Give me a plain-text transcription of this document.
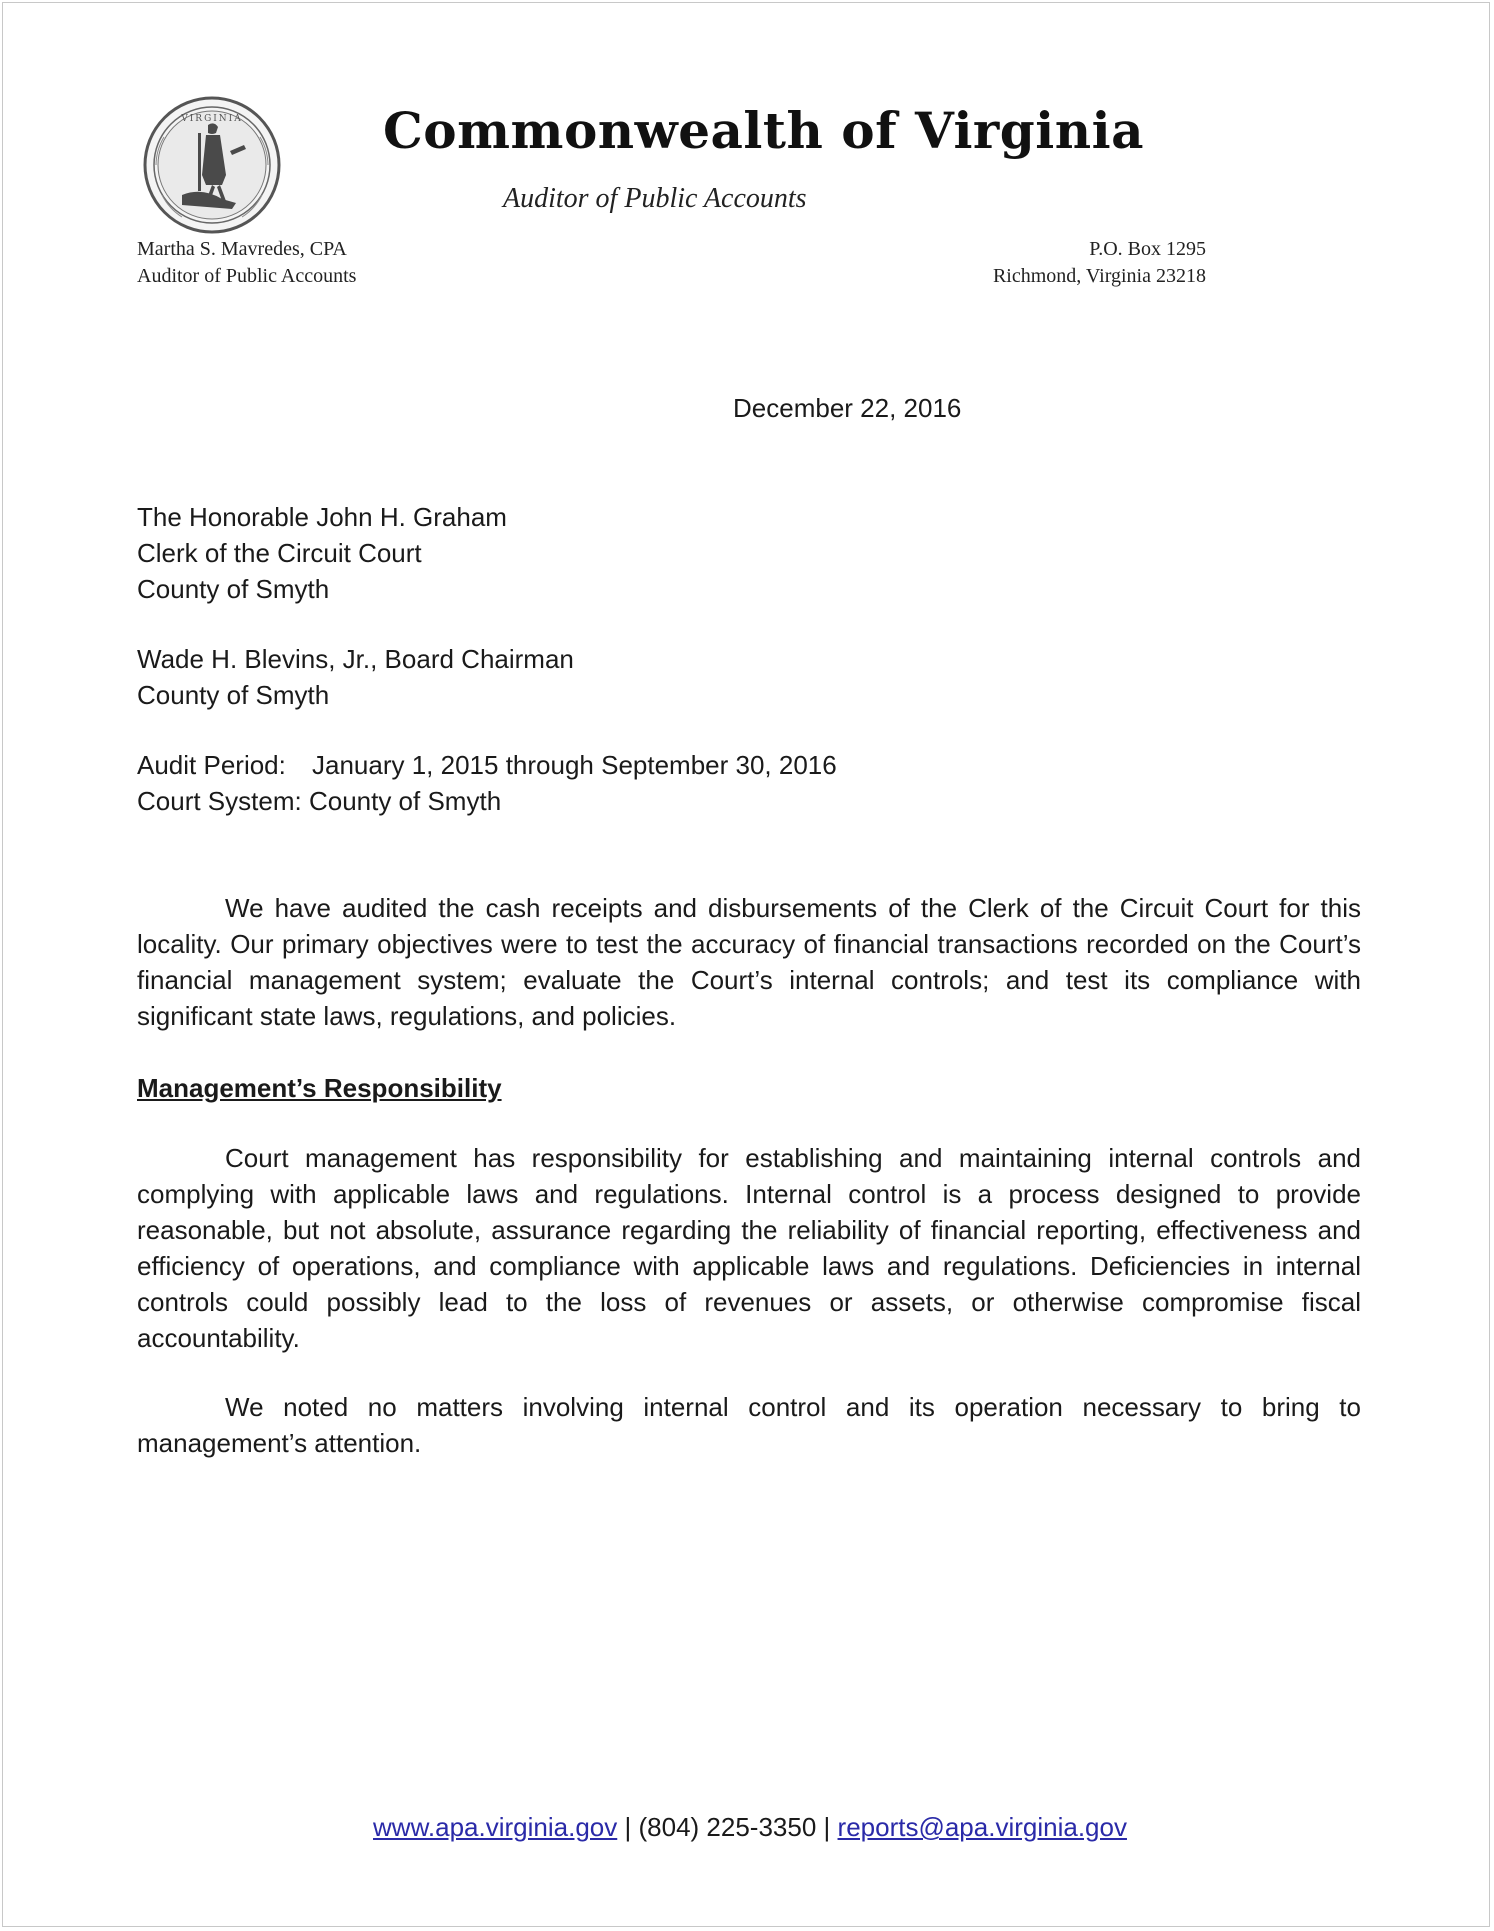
VIRGINIA	Commonwealth of Virginia
Auditor of Public Accounts
Martha S. Mavredes, CPA
Auditor of Public Accounts
P.O. Box 1295
Richmond, Virginia 23218
December 22, 2016
The Honorable John H. Graham
Clerk of the Circuit Court
County of Smyth
Wade H. Blevins, Jr., Board Chairman
County of Smyth
Audit Period: January 1, 2015 through September 30, 2016
Court System: County of Smyth

We have audited the cash receipts and disbursements of the Clerk of the Circuit Court for this locality. Our primary objectives were to test the accuracy of financial transactions recorded on the Court’s financial management system; evaluate the Court’s internal controls; and test its compliance with significant state laws, regulations, and policies.

Management’s Responsibility

Court management has responsibility for establishing and maintaining internal controls and complying with applicable laws and regulations. Internal control is a process designed to provide reasonable, but not absolute, assurance regarding the reliability of financial reporting, effectiveness and efficiency of operations, and compliance with applicable laws and regulations. Deficiencies in internal controls could possibly lead to the loss of revenues or assets, or otherwise compromise fiscal accountability.

We noted no matters involving internal control and its operation necessary to bring to management’s attention.

www.apa.virginia.gov | (804) 225-3350 | reports@apa.virginia.gov
